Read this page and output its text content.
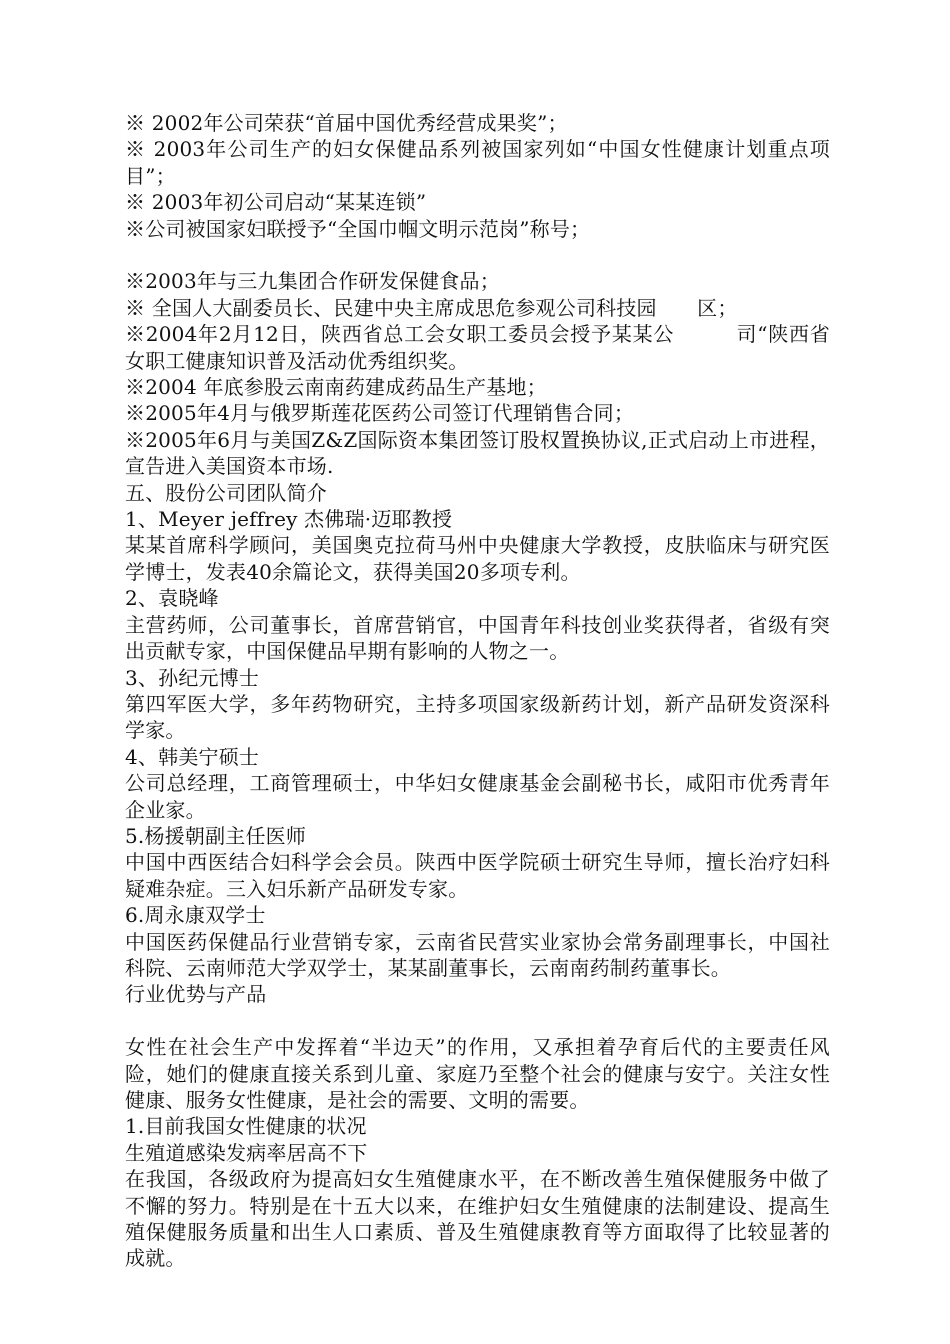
※ 2002年公司荣获“首届中国优秀经营成果奖”；
※ 2003年公司生产的妇女保健品系列被国家列如“中国女性健康计划重点项目”；
※ 2003年初公司启动“某某连锁”
※公司被国家妇联授予“全国巾帼文明示范岗”称号；
※2003年与三九集团合作研发保健食品；
※ 全国人大副委员长、民建中央主席成思危参观公司科技园　　区；
※2004年2月12日，陕西省总工会女职工委员会授予某某公　　　司“陕西省女职工健康知识普及活动优秀组织奖。
※2004 年底参股云南南药建成药品生产基地；
※2005年4月与俄罗斯莲花医药公司签订代理销售合同；
※2005年6月与美国Z&Z国际资本集团签订股权置换协议,正式启动上市进程，宣告进入美国资本市场.
五、股份公司团队简介
1、Meyer jeffrey 杰佛瑞·迈耶教授
某某首席科学顾问，美国奥克拉荷马州中央健康大学教授，皮肤临床与研究医学博士，发表40余篇论文，获得美国20多项专利。
2、袁晓峰
主营药师，公司董事长，首席营销官，中国青年科技创业奖获得者，省级有突出贡献专家，中国保健品早期有影响的人物之一。
3、孙纪元博士
第四军医大学，多年药物研究，主持多项国家级新药计划，新产品研发资深科学家。
4、韩美宁硕士
公司总经理，工商管理硕士，中华妇女健康基金会副秘书长，咸阳市优秀青年企业家。
5.杨援朝副主任医师
中国中西医结合妇科学会会员。陕西中医学院硕士研究生导师，擅长治疗妇科疑难杂症。三入妇乐新产品研发专家。
6.周永康双学士
中国医药保健品行业营销专家，云南省民营实业家协会常务副理事长，中国社科院、云南师范大学双学士，某某副董事长，云南南药制药董事长。
行业优势与产品
女性在社会生产中发挥着“半边天”的作用，又承担着孕育后代的主要责任风险，她们的健康直接关系到儿童、家庭乃至整个社会的健康与安宁。关注女性健康、服务女性健康，是社会的需要、文明的需要。
1.目前我国女性健康的状况
生殖道感染发病率居高不下
在我国，各级政府为提高妇女生殖健康水平，在不断改善生殖保健服务中做了不懈的努力。特别是在十五大以来，在维护妇女生殖健康的法制建设、提高生殖保健服务质量和出生人口素质、普及生殖健康教育等方面取得了比较显著的成就。
